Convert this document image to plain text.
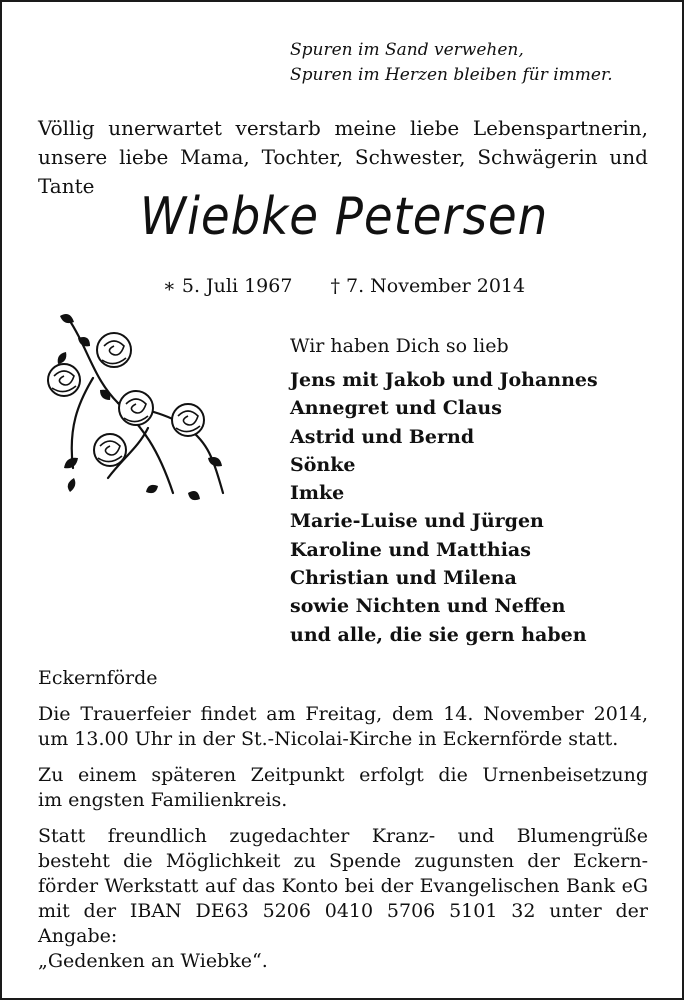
Spuren im Sand verwehen,
Spuren im Herzen bleiben für immer.
Völlig unerwartet verstarb meine liebe Lebenspartnerin,
unsere liebe Mama, Tochter, Schwester, Schwägerin und Tante
Wiebke Petersen
∗ 5. Juli 1967 † 7. November 2014
Wir haben Dich so lieb
Jens mit Jakob und Johannes
Annegret und Claus
Astrid und Bernd
Sönke
Imke
Marie-Luise und Jürgen
Karoline und Matthias
Christian und Milena
sowie Nichten und Neffen
und alle, die sie gern haben
Eckernförde

Die Trauerfeier findet am Freitag, dem 14. November 2014,
um 13.00 Uhr in der St.-Nicolai-Kirche in Eckernförde statt.

Zu einem späteren Zeitpunkt erfolgt die Urnenbeisetzung
im engsten Familienkreis.

Statt freundlich zugedachter Kranz- und Blumengrüße
besteht die Möglichkeit zu Spende zugunsten der Eckern-
förder Werkstatt auf das Konto bei der Evangelischen Bank eG
mit der IBAN DE63 5206 0410 5706 5101 32 unter der Angabe:
„Gedenken an Wiebke“.
